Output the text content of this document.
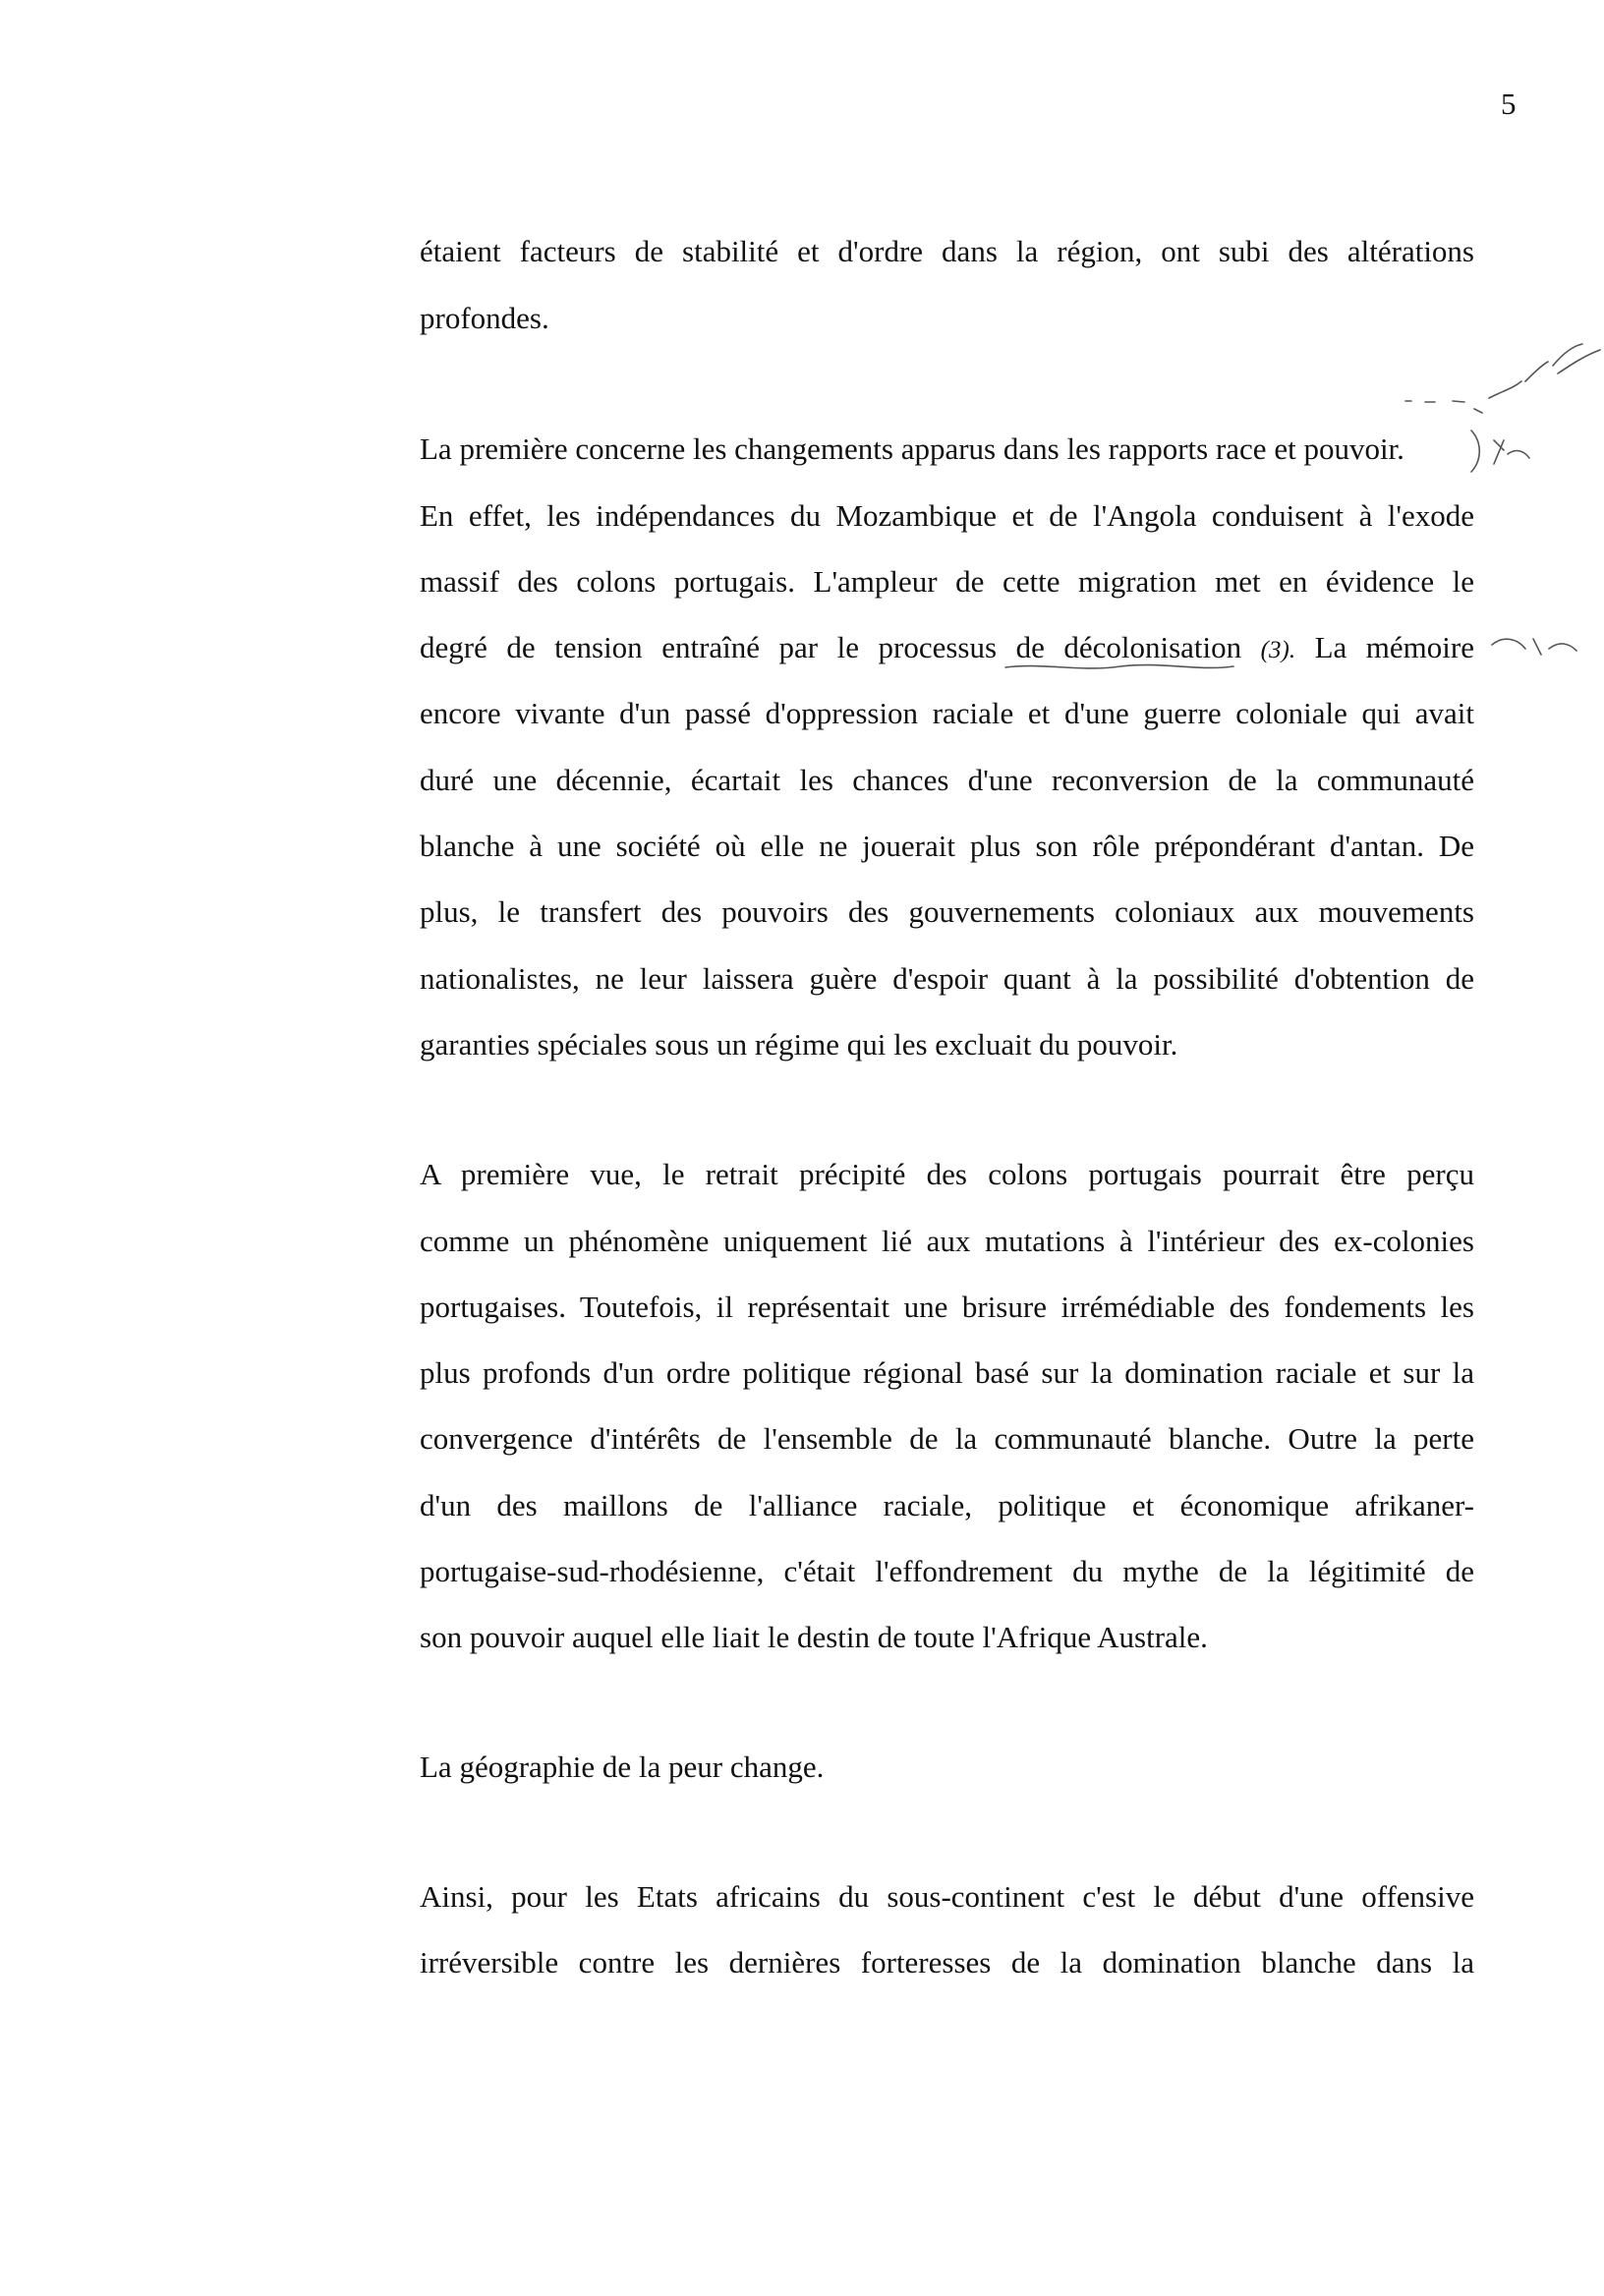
5
étaient facteurs de stabilité et d'ordre dans la région, ont subi des altérations
profondes.
La première concerne les changements apparus dans les rapports race et pouvoir.
En effet, les indépendances du Mozambique et de l'Angola conduisent à l'exode
massif des colons portugais. L'ampleur de cette migration met en évidence le
degré de tension entraîné par le processus de décolonisation (3). La mémoire
encore vivante d'un passé d'oppression raciale et d'une guerre coloniale qui avait
duré une décennie, écartait les chances d'une reconversion de la communauté
blanche à une société où elle ne jouerait plus son rôle prépondérant d'antan. De
plus, le transfert des pouvoirs des gouvernements coloniaux aux mouvements
nationalistes, ne leur laissera guère d'espoir quant à la possibilité d'obtention de
garanties spéciales sous un régime qui les excluait du pouvoir.
A première vue, le retrait précipité des colons portugais pourrait être perçu
comme un phénomène uniquement lié aux mutations à l'intérieur des ex-colonies
portugaises. Toutefois, il représentait une brisure irrémédiable des fondements les
plus profonds d'un ordre politique régional basé sur la domination raciale et sur la
convergence d'intérêts de l'ensemble de la communauté blanche. Outre la perte
d'un des maillons de l'alliance raciale, politique et économique afrikaner-
portugaise-sud-rhodésienne, c'était l'effondrement du mythe de la légitimité de
son pouvoir auquel elle liait le destin de toute l'Afrique Australe.
La géographie de la peur change.
Ainsi, pour les Etats africains du sous-continent c'est le début d'une offensive
irréversible contre les dernières forteresses de la domination blanche dans la
